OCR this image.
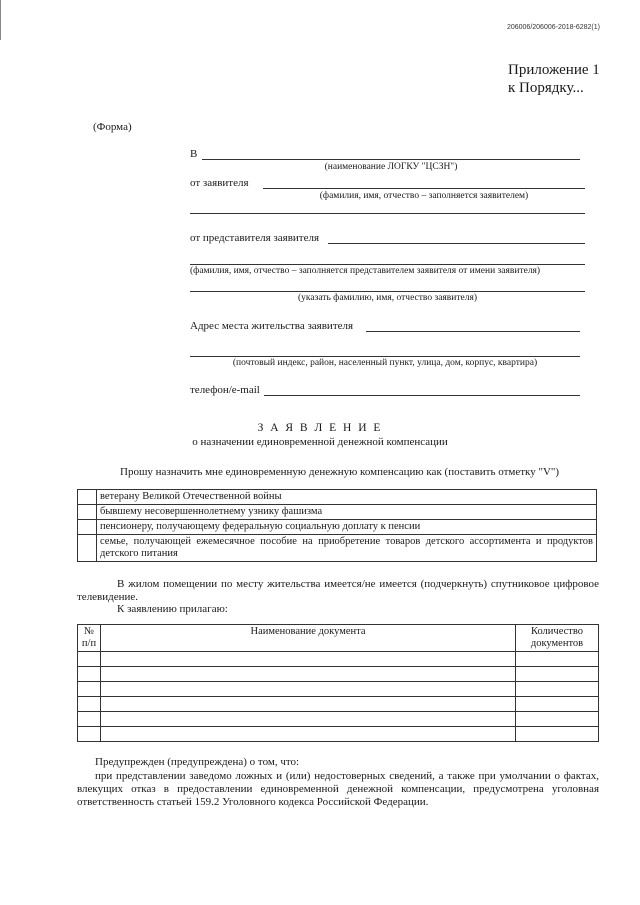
206006/206006-2018-6282(1)
Приложение 1
к Порядку...
(Форма)
В
(наименование ЛОГКУ "ЦСЗН")
от заявителя
(фамилия, имя, отчество – заполняется заявителем)
от представителя заявителя
(фамилия, имя, отчество – заполняется представителем заявителя от имени заявителя)
(указать фамилию, имя, отчество заявителя)
Адрес места жительства заявителя
(почтовый индекс, район, населенный пункт, улица, дом, корпус, квартира)
телефон/e-mail
З А Я В Л Е Н И Е
о назначении единовременной денежной компенсации
Прошу назначить мне единовременную денежную компенсацию как (поставить отметку "V")
	ветерану Великой Отечественной войны
	бывшему несовершеннолетнему узнику фашизма
	пенсионеру, получающему федеральную социальную доплату к пенсии
	семье, получающей ежемесячное пособие на приобретение товаров детского ассортимента и продуктов детского питания
В жилом помещении по месту жительства имеется/не имеется (подчеркнуть) спутниковое цифровое телевидение.
К заявлению прилагаю:
№ п/п	Наименование документа	Количество документов

Предупрежден (предупреждена) о том, что:
при представлении заведомо ложных и (или) недостоверных сведений, а также при умолчании о фактах, влекущих отказ в предоставлении единовременной денежной компенсации, предусмотрена уголовная ответственность статьей 159.2 Уголовного кодекса Российской Федерации.
